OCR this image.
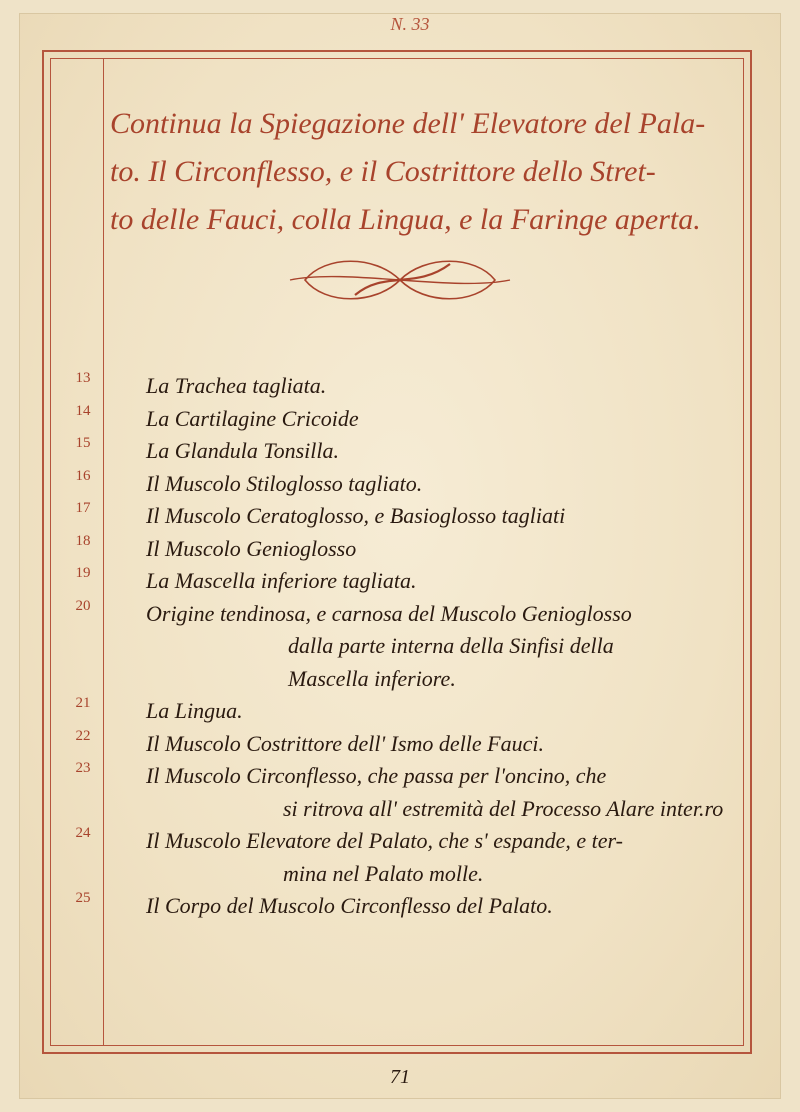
N. 33
Continua la Spiegazione dell' Elevatore del Pala-
to. Il Circonflesso, e il Costrittore dello Stret-
to delle Fauci, colla Lingua, e la Faringe aperta.
13	La Trachea tagliata.
14	La Cartilagine Cricoide
15	La Glandula Tonsilla.
16	Il Muscolo Stiloglosso tagliato.
17	Il Muscolo Ceratoglosso, e Basioglosso tagliati
18	Il Muscolo Genioglosso
19	La Mascella inferiore tagliata.
20	Origine tendinosa, e carnosa del Muscolo Genioglosso
dalla parte interna della Sinfisi della
Mascella inferiore.
21	La Lingua.
22	Il Muscolo Costrittore dell' Ismo delle Fauci.
23	Il Muscolo Circonflesso, che passa per l'oncino, che
si ritrova all' estremità del Processo Alare inter.ro
24	Il Muscolo Elevatore del Palato, che s' espande, e ter-
mina nel Palato molle.
25	Il Corpo del Muscolo Circonflesso del Palato.
71
